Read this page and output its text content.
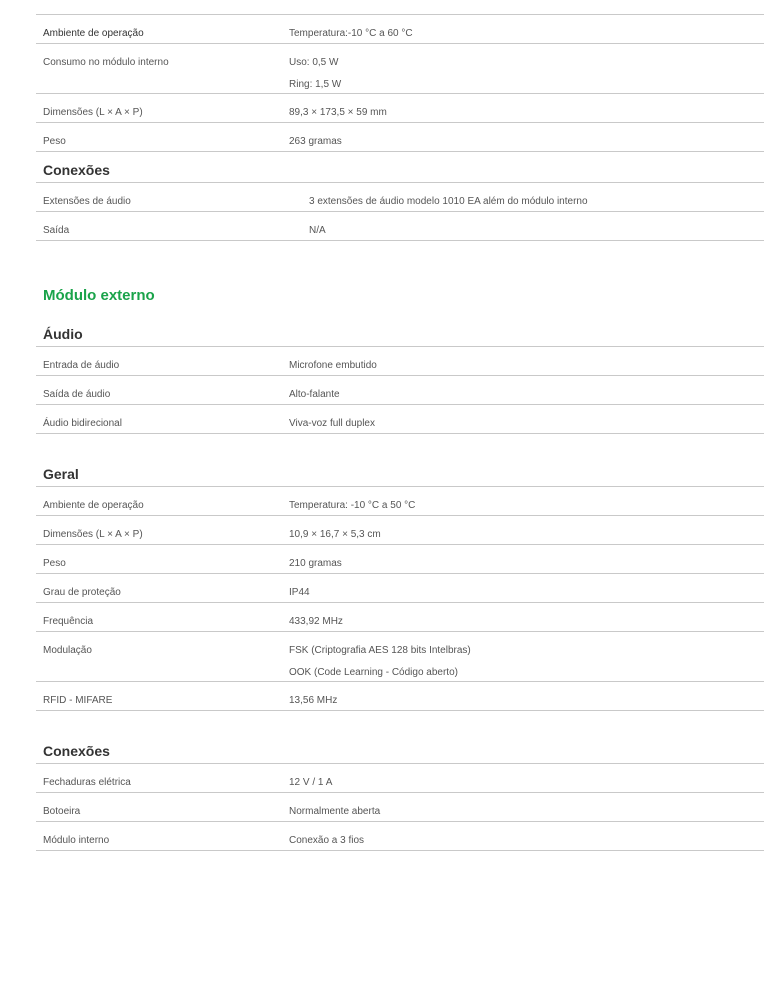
Ambiente de operação	Temperatura:-10 °C a 60 °C
Consumo no módulo interno	Uso: 0,5 W
Ring: 1,5 W

Dimensões (L × A × P)	89,3 × 173,5 × 59 mm
Peso	263 gramas
Conexões
Extensões de áudio	3 extensões de áudio modelo 1010 EA além do módulo interno
Saída	N/A
Módulo externo
Áudio
Entrada de áudio	Microfone embutido
Saída de áudio	Alto-falante
Áudio bidirecional	Viva-voz full duplex
Geral
Ambiente de operação	Temperatura: -10 °C a 50 °C
Dimensões (L × A × P)	10,9 × 16,7 × 5,3 cm
Peso	210 gramas
Grau de proteção	IP44
Frequência	433,92 MHz
Modulação	FSK (Criptografia AES 128 bits Intelbras)
OOK (Code Learning - Código aberto)

RFID - MIFARE	13,56 MHz
Conexões
Fechaduras elétrica	12 V / 1 A
Botoeira	Normalmente aberta
Módulo interno	Conexão a 3 fios
